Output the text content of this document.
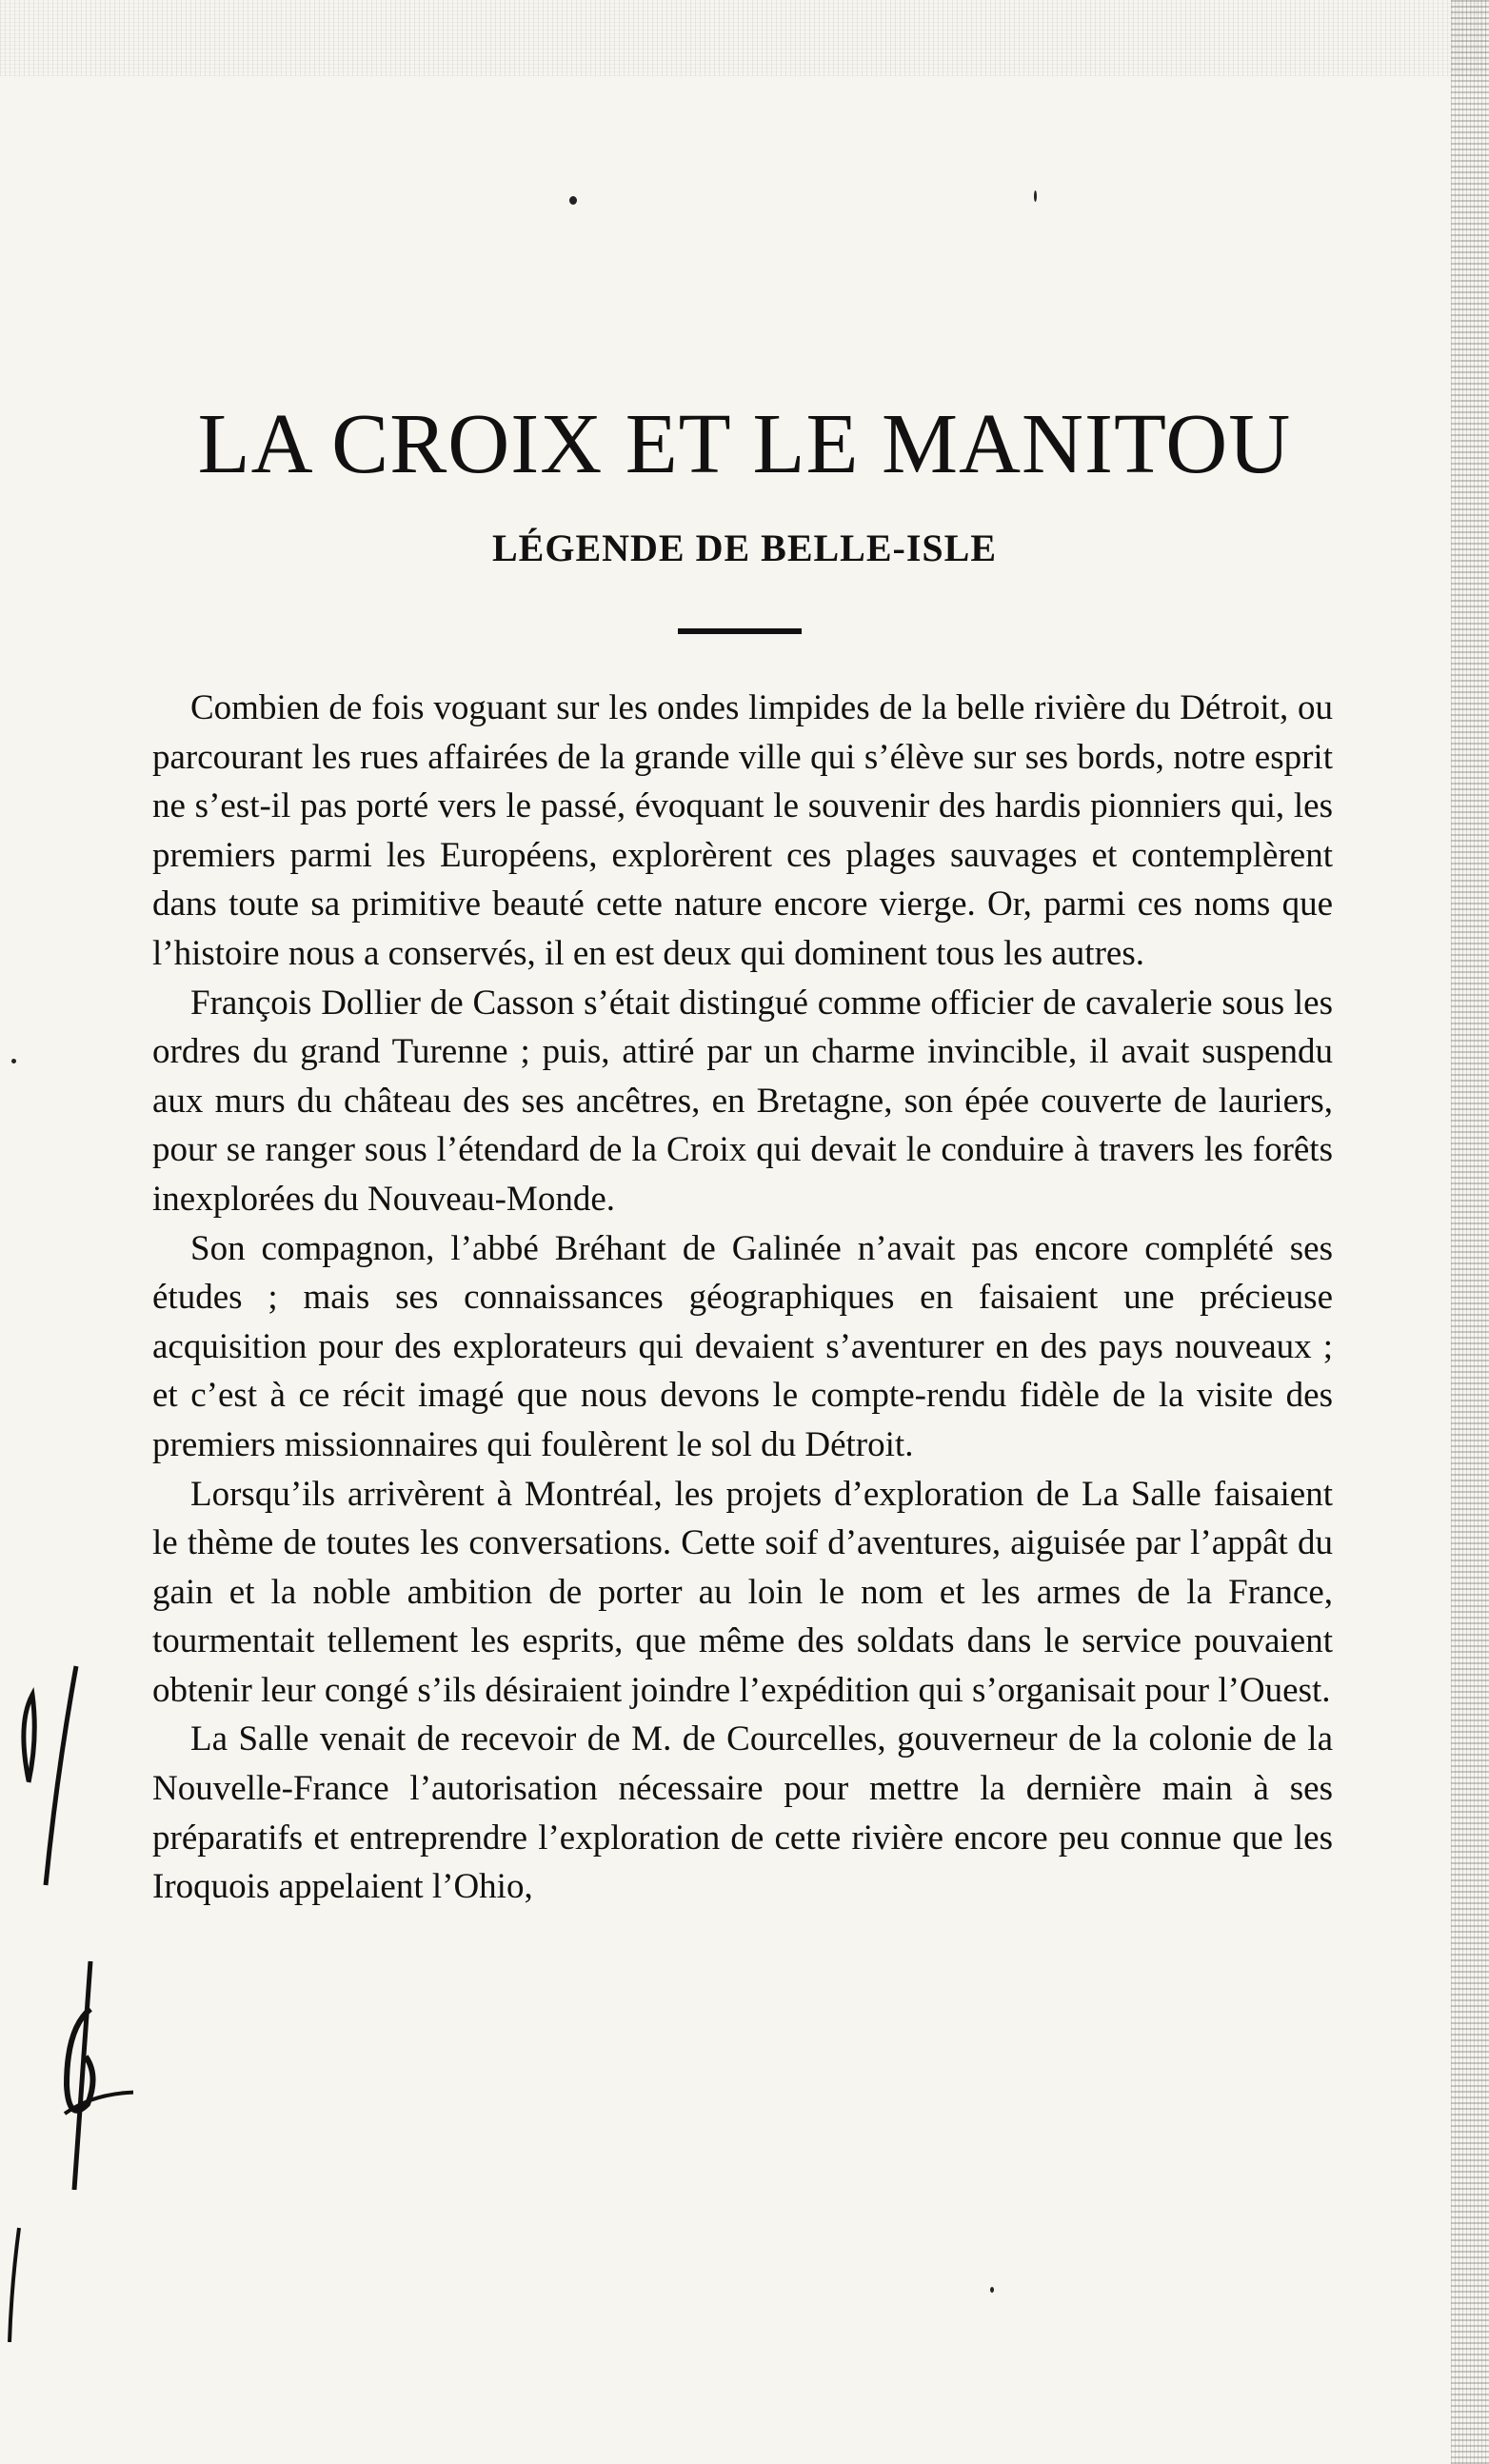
LA CROIX ET LE MANITOU
LÉGENDE DE BELLE-ISLE

Combien de fois voguant sur les ondes limpides de la belle rivière du Détroit, ou parcourant les rues affairées de la grande ville qui s’élève sur ses bords, notre esprit ne s’est-il pas porté vers le passé, évoquant le souvenir des hardis pionniers qui, les premiers parmi les Européens, explorèrent ces plages sauvages et contemplèrent dans toute sa primitive beauté cette nature encore vierge. Or, parmi ces noms que l’histoire nous a conservés, il en est deux qui dominent tous les autres.

François Dollier de Casson s’était distingué comme officier de cavalerie sous les ordres du grand Turenne ; puis, attiré par un charme invincible, il avait suspendu aux murs du château des ses ancêtres, en Bretagne, son épée couverte de lauriers, pour se ranger sous l’étendard de la Croix qui devait le conduire à travers les forêts inexplorées du Nouveau-Monde.

Son compagnon, l’abbé Bréhant de Galinée n’avait pas encore complété ses études ; mais ses connaissances géographiques en faisaient une précieuse acquisition pour des explorateurs qui devaient s’aventurer en des pays nouveaux ; et c’est à ce récit imagé que nous devons le compte-rendu fidèle de la visite des premiers missionnaires qui foulèrent le sol du Détroit.

Lorsqu’ils arrivèrent à Montréal, les projets d’exploration de La Salle faisaient le thème de toutes les conversations. Cette soif d’aventures, aiguisée par l’appât du gain et la noble ambition de porter au loin le nom et les armes de la France, tourmentait tellement les esprits, que même des soldats dans le service pouvaient obtenir leur congé s’ils désiraient joindre l’expédition qui s’organisait pour l’Ouest.

La Salle venait de recevoir de M. de Courcelles, gouverneur de la colonie de la Nouvelle-France l’autorisation nécessaire pour mettre la dernière main à ses préparatifs et entreprendre l’exploration de cette rivière encore peu connue que les Iroquois appelaient l’Ohio,
